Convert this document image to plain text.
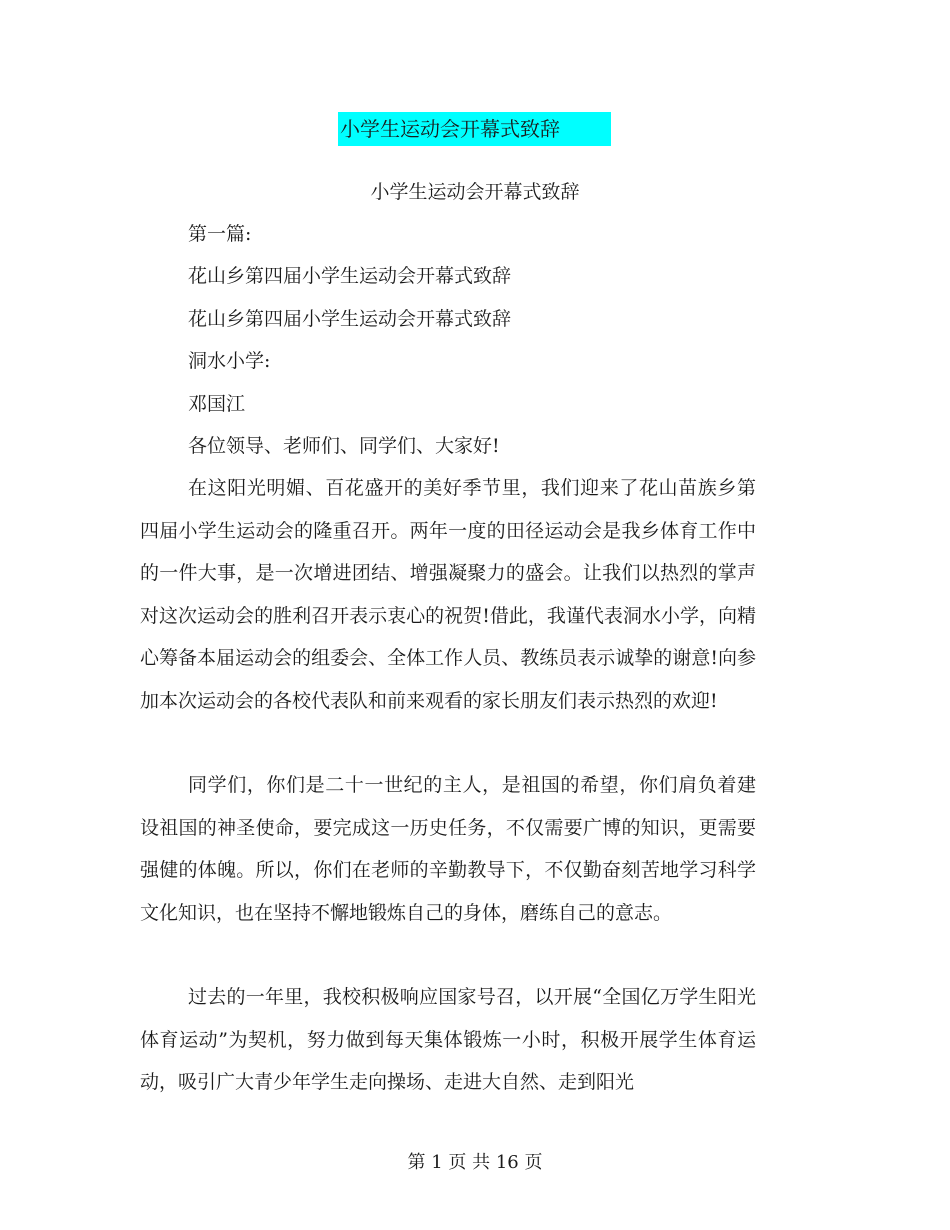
小学生运动会开幕式致辞
小学生运动会开幕式致辞
第一篇:
花山乡第四届小学生运动会开幕式致辞
花山乡第四届小学生运动会开幕式致辞
洞水小学:
邓国江
各位领导、老师们、同学们、大家好!

在这阳光明媚、百花盛开的美好季节里，我们迎来了花山苗族乡第四届小学生运动会的隆重召开。两年一度的田径运动会是我乡体育工作中的一件大事，是一次增进团结、增强凝聚力的盛会。让我们以热烈的掌声对这次运动会的胜利召开表示衷心的祝贺!借此，我谨代表洞水小学，向精心筹备本届运动会的组委会、全体工作人员、教练员表示诚挚的谢意!向参加本次运动会的各校代表队和前来观看的家长朋友们表示热烈的欢迎!

同学们，你们是二十一世纪的主人，是祖国的希望，你们肩负着建设祖国的神圣使命，要完成这一历史任务，不仅需要广博的知识，更需要强健的体魄。所以，你们在老师的辛勤教导下，不仅勤奋刻苦地学习科学文化知识，也在坚持不懈地锻炼自己的身体，磨练自己的意志。

过去的一年里，我校积极响应国家号召，以开展“全国亿万学生阳光体育运动”为契机，努力做到每天集体锻炼一小时，积极开展学生体育运动，吸引广大青少年学生走向操场、走进大自然、走到阳光

第 1 页 共 16 页
